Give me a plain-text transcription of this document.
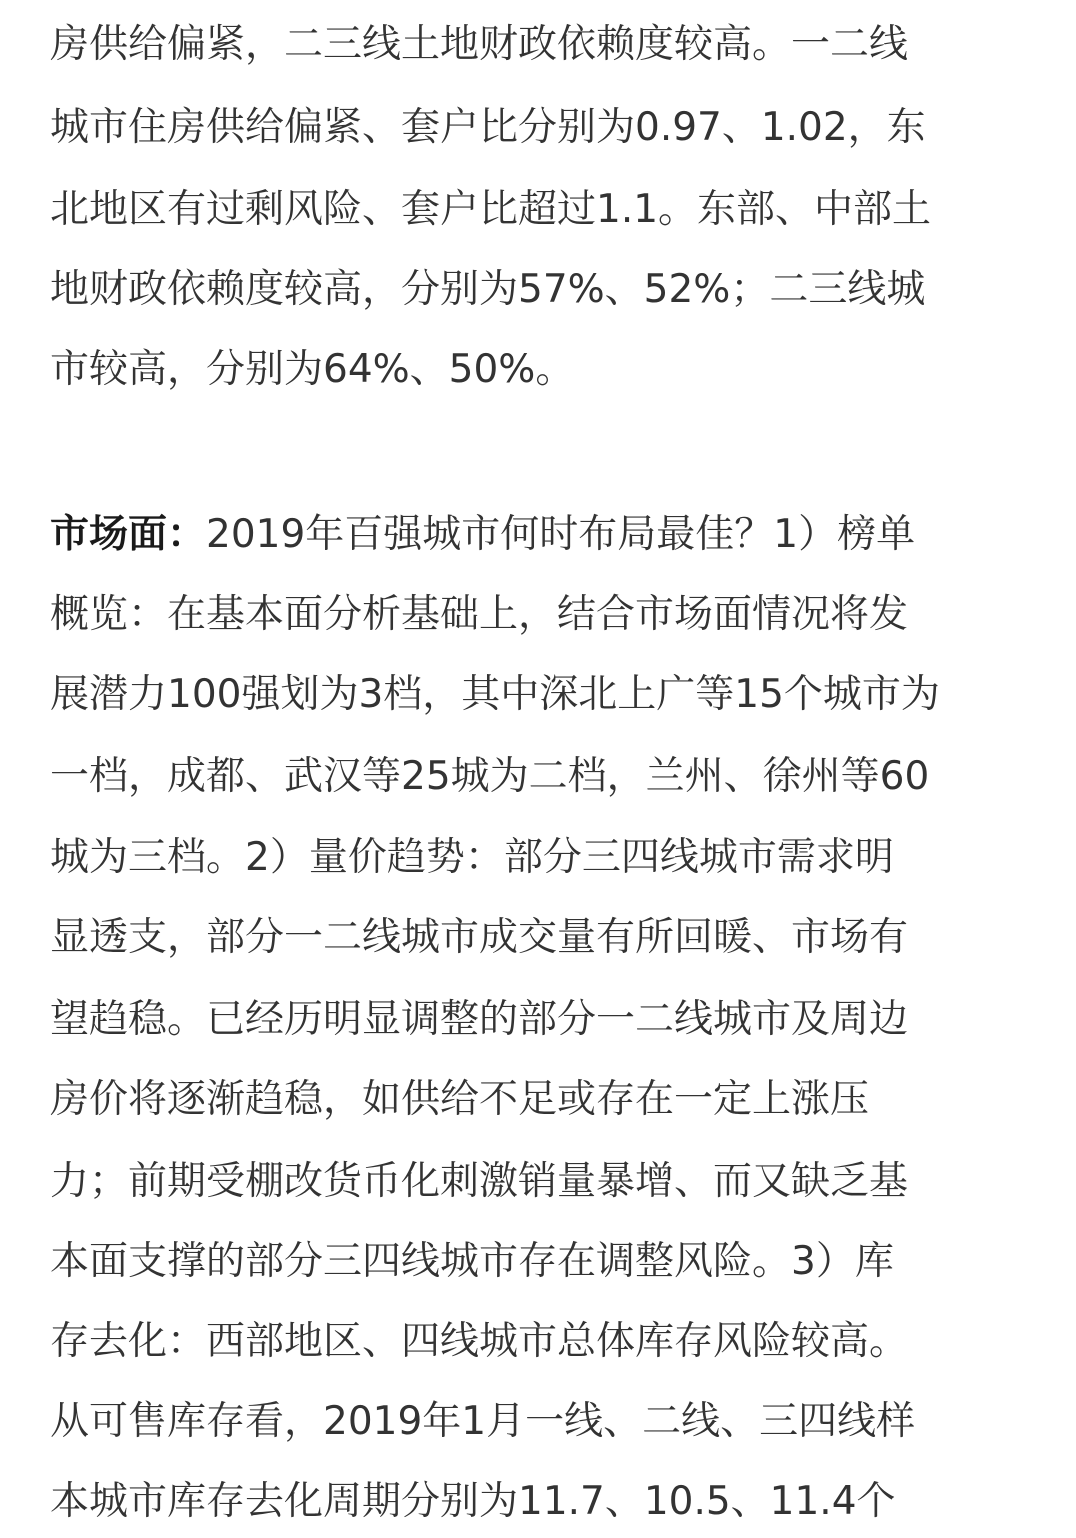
房供给偏紧，二三线土地财政依赖度较高。一二线
城市住房供给偏紧、套户比分别为0.97、1.02，东
北地区有过剩风险、套户比超过1.1。东部、中部土
地财政依赖度较高，分别为57%、52%；二三线城
市较高，分别为64%、50%。
市场面：2019年百强城市何时布局最佳？1）榜单
概览：在基本面分析基础上，结合市场面情况将发
展潜力100强划为3档，其中深北上广等15个城市为
一档，成都、武汉等25城为二档，兰州、徐州等60
城为三档。2）量价趋势：部分三四线城市需求明
显透支，部分一二线城市成交量有所回暖、市场有
望趋稳。已经历明显调整的部分一二线城市及周边
房价将逐渐趋稳，如供给不足或存在一定上涨压
力；前期受棚改货币化刺激销量暴增、而又缺乏基
本面支撑的部分三四线城市存在调整风险。3）库
存去化：西部地区、四线城市总体库存风险较高。
从可售库存看，2019年1月一线、二线、三四线样
本城市库存去化周期分别为11.7、10.5、11.4个
